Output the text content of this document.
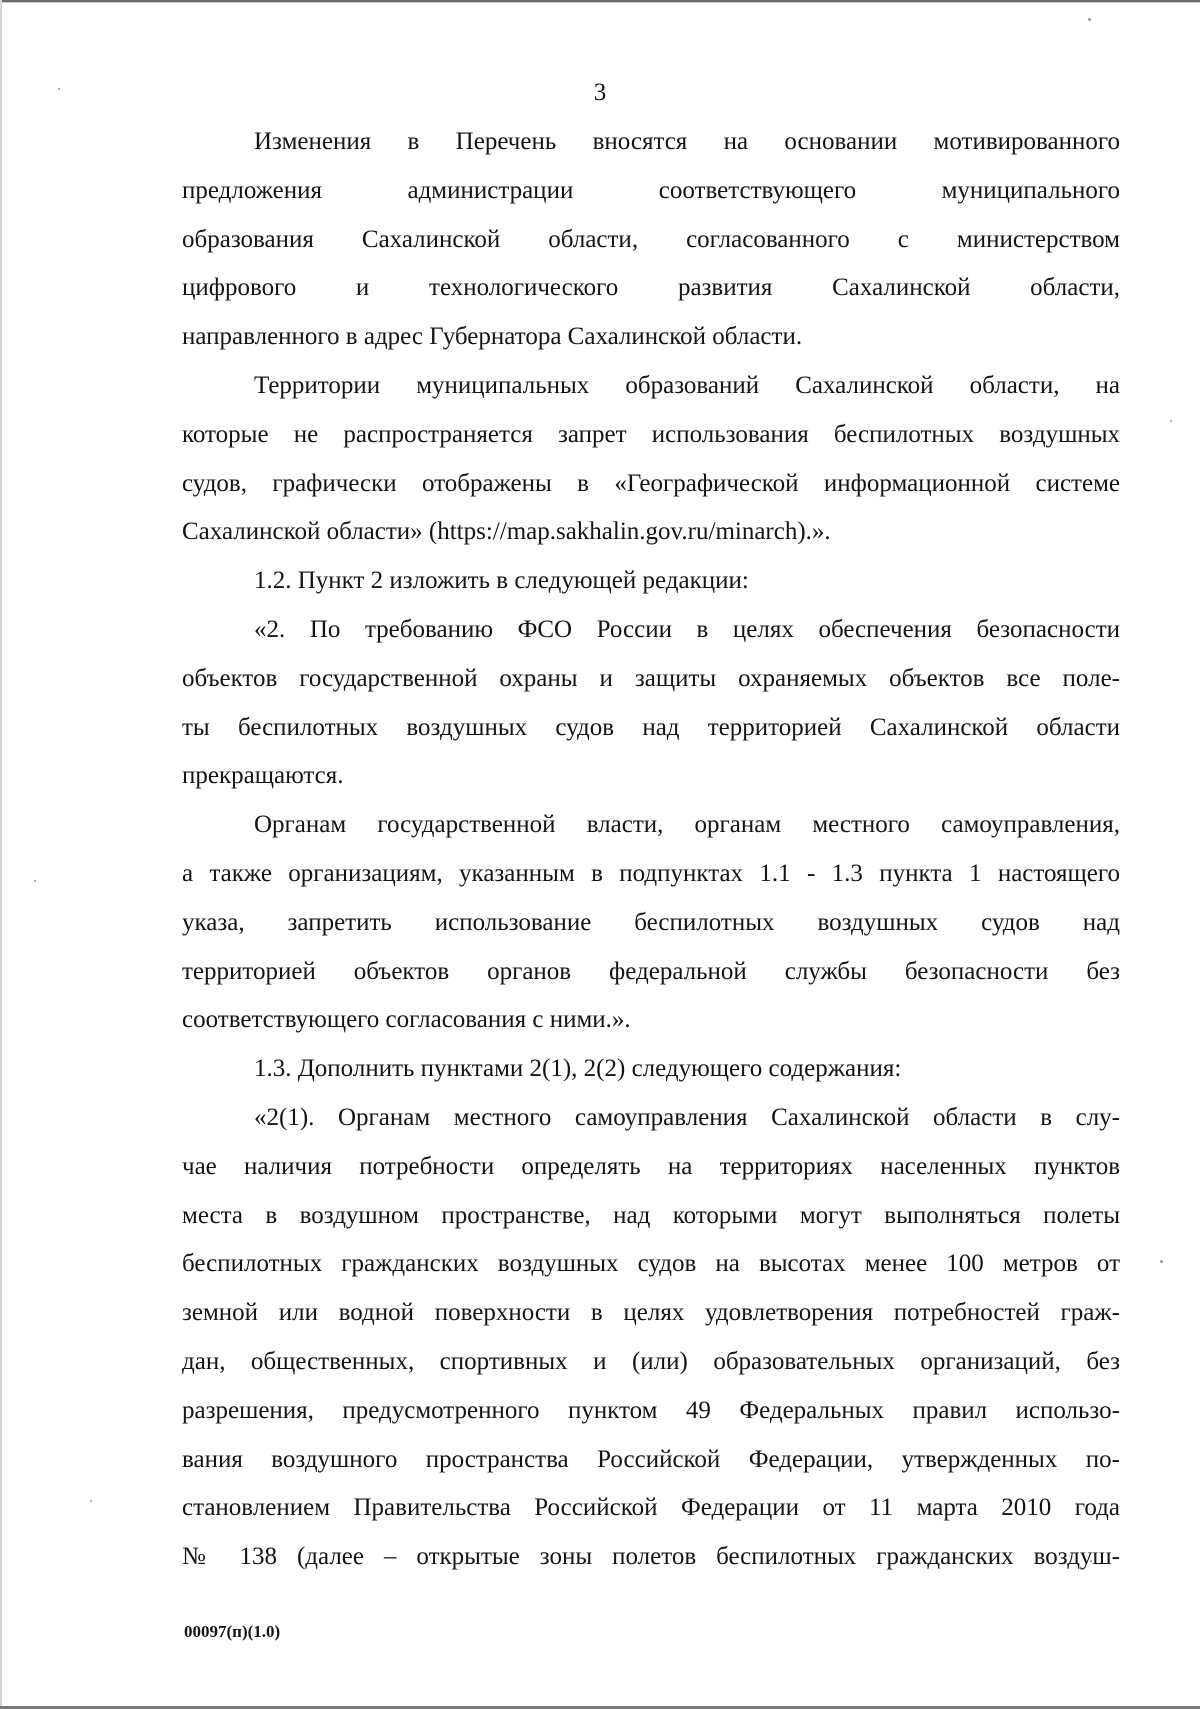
3

Изменения в Перечень вносятся на основании мотивированного
предложения администрации соответствующего муниципального
образования Сахалинской области, согласованного с министерством
цифрового и технологического развития Сахалинской области,
направленного в адрес Губернатора Сахалинской области.

Территории муниципальных образований Сахалинской области, на
которые не распространяется запрет использования беспилотных воздушных
судов, графически отображены в «Географической информационной системе
Сахалинской области» (https://map.sakhalin.gov.ru/minarch).».

1.2. Пункт 2 изложить в следующей редакции:

«2. По требованию ФСО России в целях обеспечения безопасности
объектов государственной охраны и защиты охраняемых объектов все поле-
ты беспилотных воздушных судов над территорией Сахалинской области
прекращаются.

Органам государственной власти, органам местного самоуправления,
а также организациям, указанным в подпунктах 1.1 - 1.3 пункта 1 настоящего
указа, запретить использование беспилотных воздушных судов над
территорией объектов органов федеральной службы безопасности без
соответствующего согласования с ними.».

1.3. Дополнить пунктами 2(1), 2(2) следующего содержания:

«2(1). Органам местного самоуправления Сахалинской области в слу-
чае наличия потребности определять на территориях населенных пунктов
места в воздушном пространстве, над которыми могут выполняться полеты
беспилотных гражданских воздушных судов на высотах менее 100 метров от
земной или водной поверхности в целях удовлетворения потребностей граж-
дан, общественных, спортивных и (или) образовательных организаций, без
разрешения, предусмотренного пунктом 49 Федеральных правил использо-
вания воздушного пространства Российской Федерации, утвержденных по-
становлением Правительства Российской Федерации от 11 марта 2010 года
№ 138 (далее – открытые зоны полетов беспилотных гражданских воздуш-

00097(п)(1.0)
